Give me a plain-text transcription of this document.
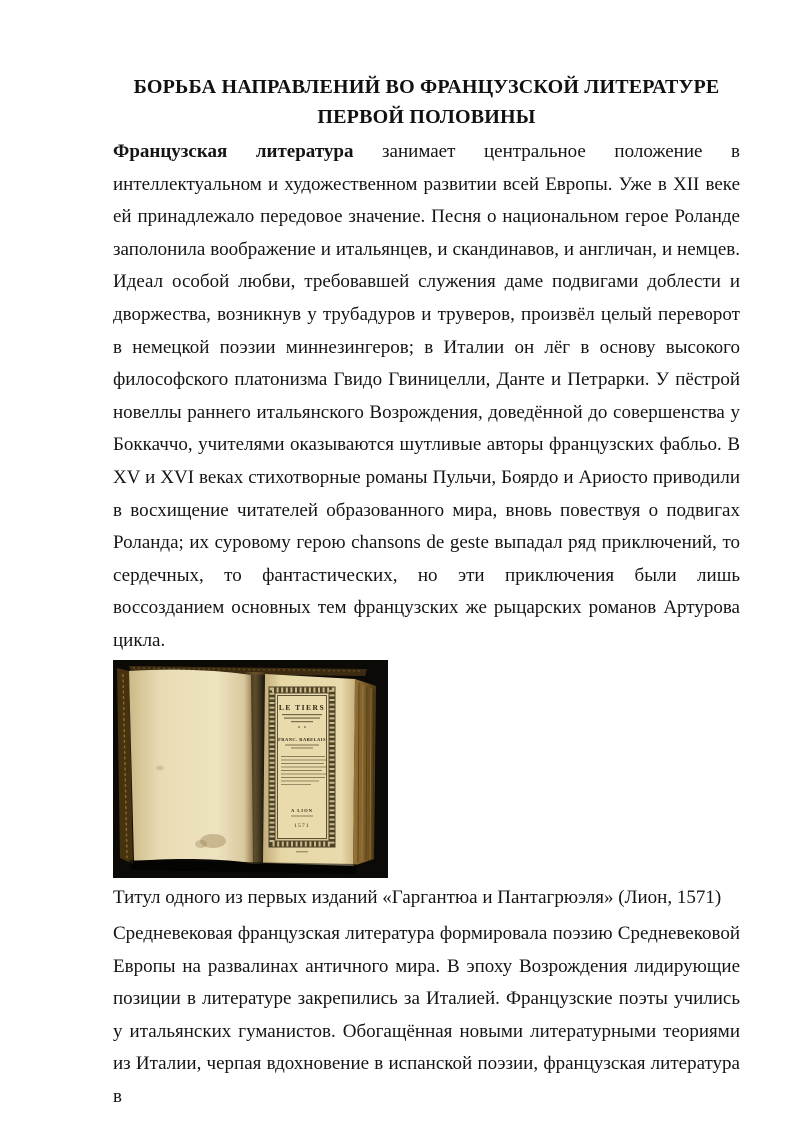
БОРЬБА НАПРАВЛЕНИЙ ВО ФРАНЦУЗСКОЙ ЛИТЕРАТУРЕ
ПЕРВОЙ ПОЛОВИНЫ

Французская литература занимает центральное положение в интеллектуальном и художественном развитии всей Европы. Уже в XII веке ей принадлежало передовое значение. Песня о национальном герое Роланде заполонила воображение и итальянцев, и скандинавов, и англичан, и немцев. Идеал особой любви, требовавшей служения даме подвигами доблести и дворжества, возникнув у трубадуров и труверов, произвёл целый переворот в немецкой поэзии миннезингеров; в Италии он лёг в основу высокого философского платонизма Гвидо Гвиницелли, Данте и Петрарки. У пёстрой новеллы раннего итальянского Возрождения, доведённой до совершенства у Боккаччо, учителями оказываются шутливые авторы французских фабльо. В XV и XVI веках стихотворные романы Пульчи, Боярдо и Ариосто приводили в восхищение читателей образованного мира, вновь повествуя о подвигах Роланда; их суровому герою chansons de geste выпадал ряд приключений, то сердечных, то фантастических, но эти приключения были лишь воссозданием основных тем французских же рыцарских романов Артурова цикла.

LE TIERS
FRANC. RABELAIS
A LION
1571
Титул одного из первых изданий «Гаргантюа и Пантагрюэля» (Лион, 1571)

Средневековая французская литература формировала поэзию Средневековой Европы на развалинах античного мира. В эпоху Возрождения лидирующие позиции в литературе закрепились за Италией. Французские поэты учились у итальянских гуманистов. Обогащённая новыми литературными теориями из Италии, черпая вдохновение в испанской поэзии, французская литература в
